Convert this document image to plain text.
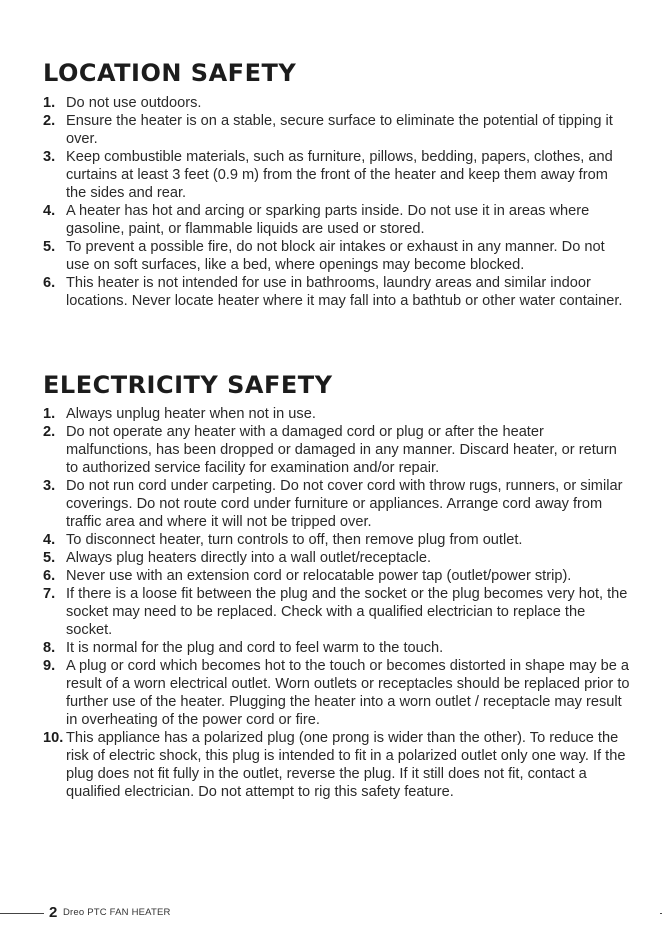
LOCATION SAFETY
1. Do not use outdoors.
2. Ensure the heater is on a stable, secure surface to eliminate the potential of tipping it over.
3. Keep combustible materials, such as furniture, pillows, bedding, papers, clothes, and curtains at least 3 feet (0.9 m) from the front of the heater and keep them away from the sides and rear.
4. A heater has hot and arcing or sparking parts inside. Do not use it in areas where gasoline, paint, or flammable liquids are used or stored.
5. To prevent a possible fire, do not block air intakes or exhaust in any manner. Do not use on soft surfaces, like a bed, where openings may become blocked.
6. This heater is not intended for use in bathrooms, laundry areas and similar indoor locations. Never locate heater where it may fall into a bathtub or other water container.
ELECTRICITY SAFETY
1. Always unplug heater when not in use.
2. Do not operate any heater with a damaged cord or plug or after the heater malfunctions, has been dropped or damaged in any manner. Discard heater, or return to authorized service facility for examination and/or repair.
3. Do not run cord under carpeting. Do not cover cord with throw rugs, runners, or similar coverings. Do not route cord under furniture or appliances. Arrange cord away from traffic area and where it will not be tripped over.
4. To disconnect heater, turn controls to off, then remove plug from outlet.
5. Always plug heaters directly into a wall outlet/receptacle.
6. Never use with an extension cord or relocatable power tap (outlet/power strip).
7. If there is a loose fit between the plug and the socket or the plug becomes very hot, the socket may need to be replaced. Check with a qualified electrician to replace the socket.
8. It is normal for the plug and cord to feel warm to the touch.
9. A plug or cord which becomes hot to the touch or becomes distorted in shape may be a result of a worn electrical outlet. Worn outlets or receptacles should be replaced prior to further use of the heater. Plugging the heater into a worn outlet / receptacle may result in overheating of the power cord or fire.
10. This appliance has a polarized plug (one prong is wider than the other). To reduce the risk of electric shock, this plug is intended to fit in a polarized outlet only one way. If the plug does not fit fully in the outlet, reverse the plug. If it still does not fit, contact a qualified electrician. Do not attempt to rig this safety feature.
2 Dreo PTC FAN HEATER
